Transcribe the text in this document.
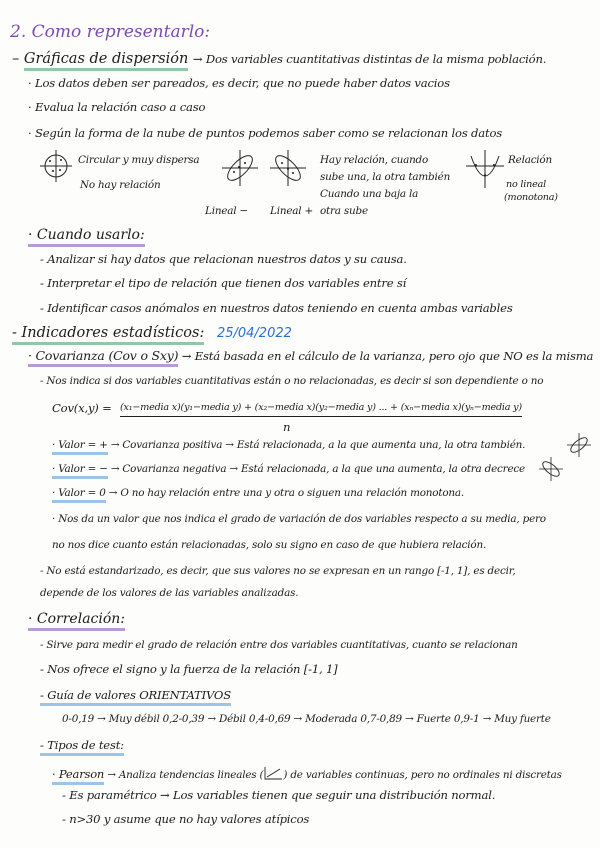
2. Como representarlo:
– Gráficas de dispersión → Dos variables cuantitativas distintas de la misma población.
· Los datos deben ser pareados, es decir, que no puede haber datos vacios
· Evalua la relación caso a caso
· Según la forma de la nube de puntos podemos saber como se relacionan los datos
Circular y muy dispersa
No hay relación
Lineal − Lineal +
Hay relación, cuando
sube una, la otra también
Cuando una baja la
otra sube
Relación
no lineal
(monotona)
· Cuando usarlo:
- Analizar si hay datos que relacionan nuestros datos y su causa.
- Interpretar el tipo de relación que tienen dos variables entre sí
- Identificar casos anómalos en nuestros datos teniendo en cuenta ambas variables
- Indicadores estadísticos: 25/04/2022
· Covarianza (Cov o Sxy) → Está basada en el cálculo de la varianza, pero ojo que NO es la misma
- Nos indica si dos variables cuantitativas están o no relacionadas, es decir si son dependiente o no
Cov(x,y) = (x₁−media x)(y₁−media y) + (x₂−media x)(y₂−media y) ... + (xₙ−media x)(yₙ−media y)
n
· Valor = + → Covarianza positiva → Está relacionada, a la que aumenta una, la otra también.
· Valor = − → Covarianza negativa → Está relacionada, a la que una aumenta, la otra decrece
· Valor = 0 → O no hay relación entre una y otra o siguen una relación monotona.
· Nos da un valor que nos indica el grado de variación de dos variables respecto a su media, pero
no nos dice cuanto están relacionadas, solo su signo en caso de que hubiera relación.
- No está estandarizado, es decir, que sus valores no se expresan en un rango [-1, 1], es decir,
depende de los valores de las variables analizadas.
· Correlación:
- Sirve para medir el grado de relación entre dos variables cuantitativas, cuanto se relacionan
- Nos ofrece el signo y la fuerza de la relación [-1, 1]
- Guía de valores ORIENTATIVOS
0-0,19 → Muy débil 0,2-0,39 → Débil 0,4-0,69 → Moderada 0,7-0,89 → Fuerte 0,9-1 → Muy fuerte
- Tipos de test:
· Pearson → Analiza tendencias lineales ( ) de variables continuas, pero no ordinales ni discretas
- Es paramétrico → Los variables tienen que seguir una distribución normal.
- n>30 y asume que no hay valores atípicos
